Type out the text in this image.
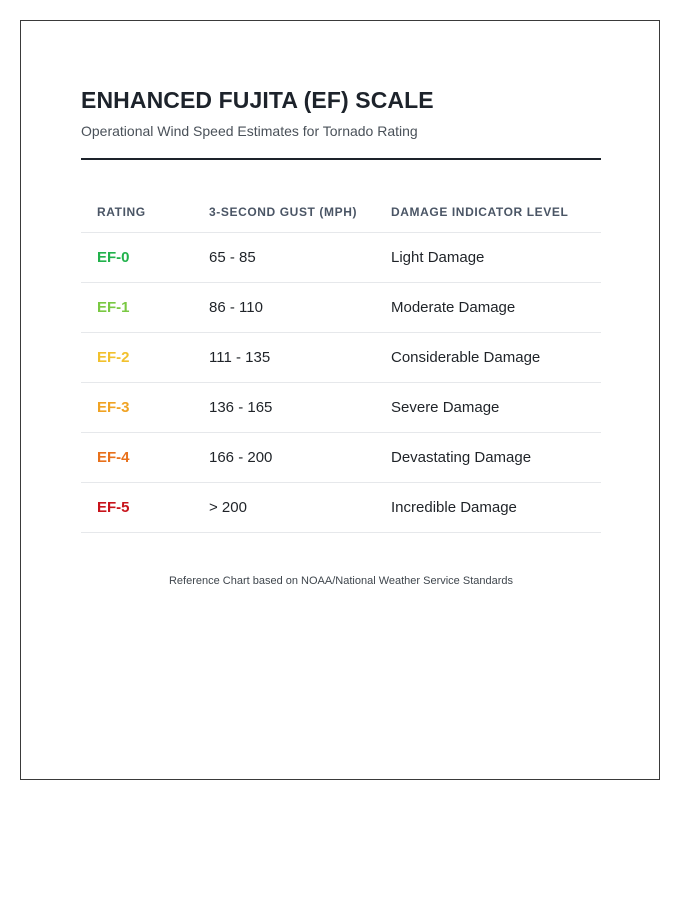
ENHANCED FUJITA (EF) SCALE
Operational Wind Speed Estimates for Tornado Rating
RATING	3-SECOND GUST (MPH)	DAMAGE INDICATOR LEVEL
EF-0	65 - 85	Light Damage
EF-1	86 - 110	Moderate Damage
EF-2	111 - 135	Considerable Damage
EF-3	136 - 165	Severe Damage
EF-4	166 - 200	Devastating Damage
EF-5	> 200	Incredible Damage
Reference Chart based on NOAA/National Weather Service Standards
